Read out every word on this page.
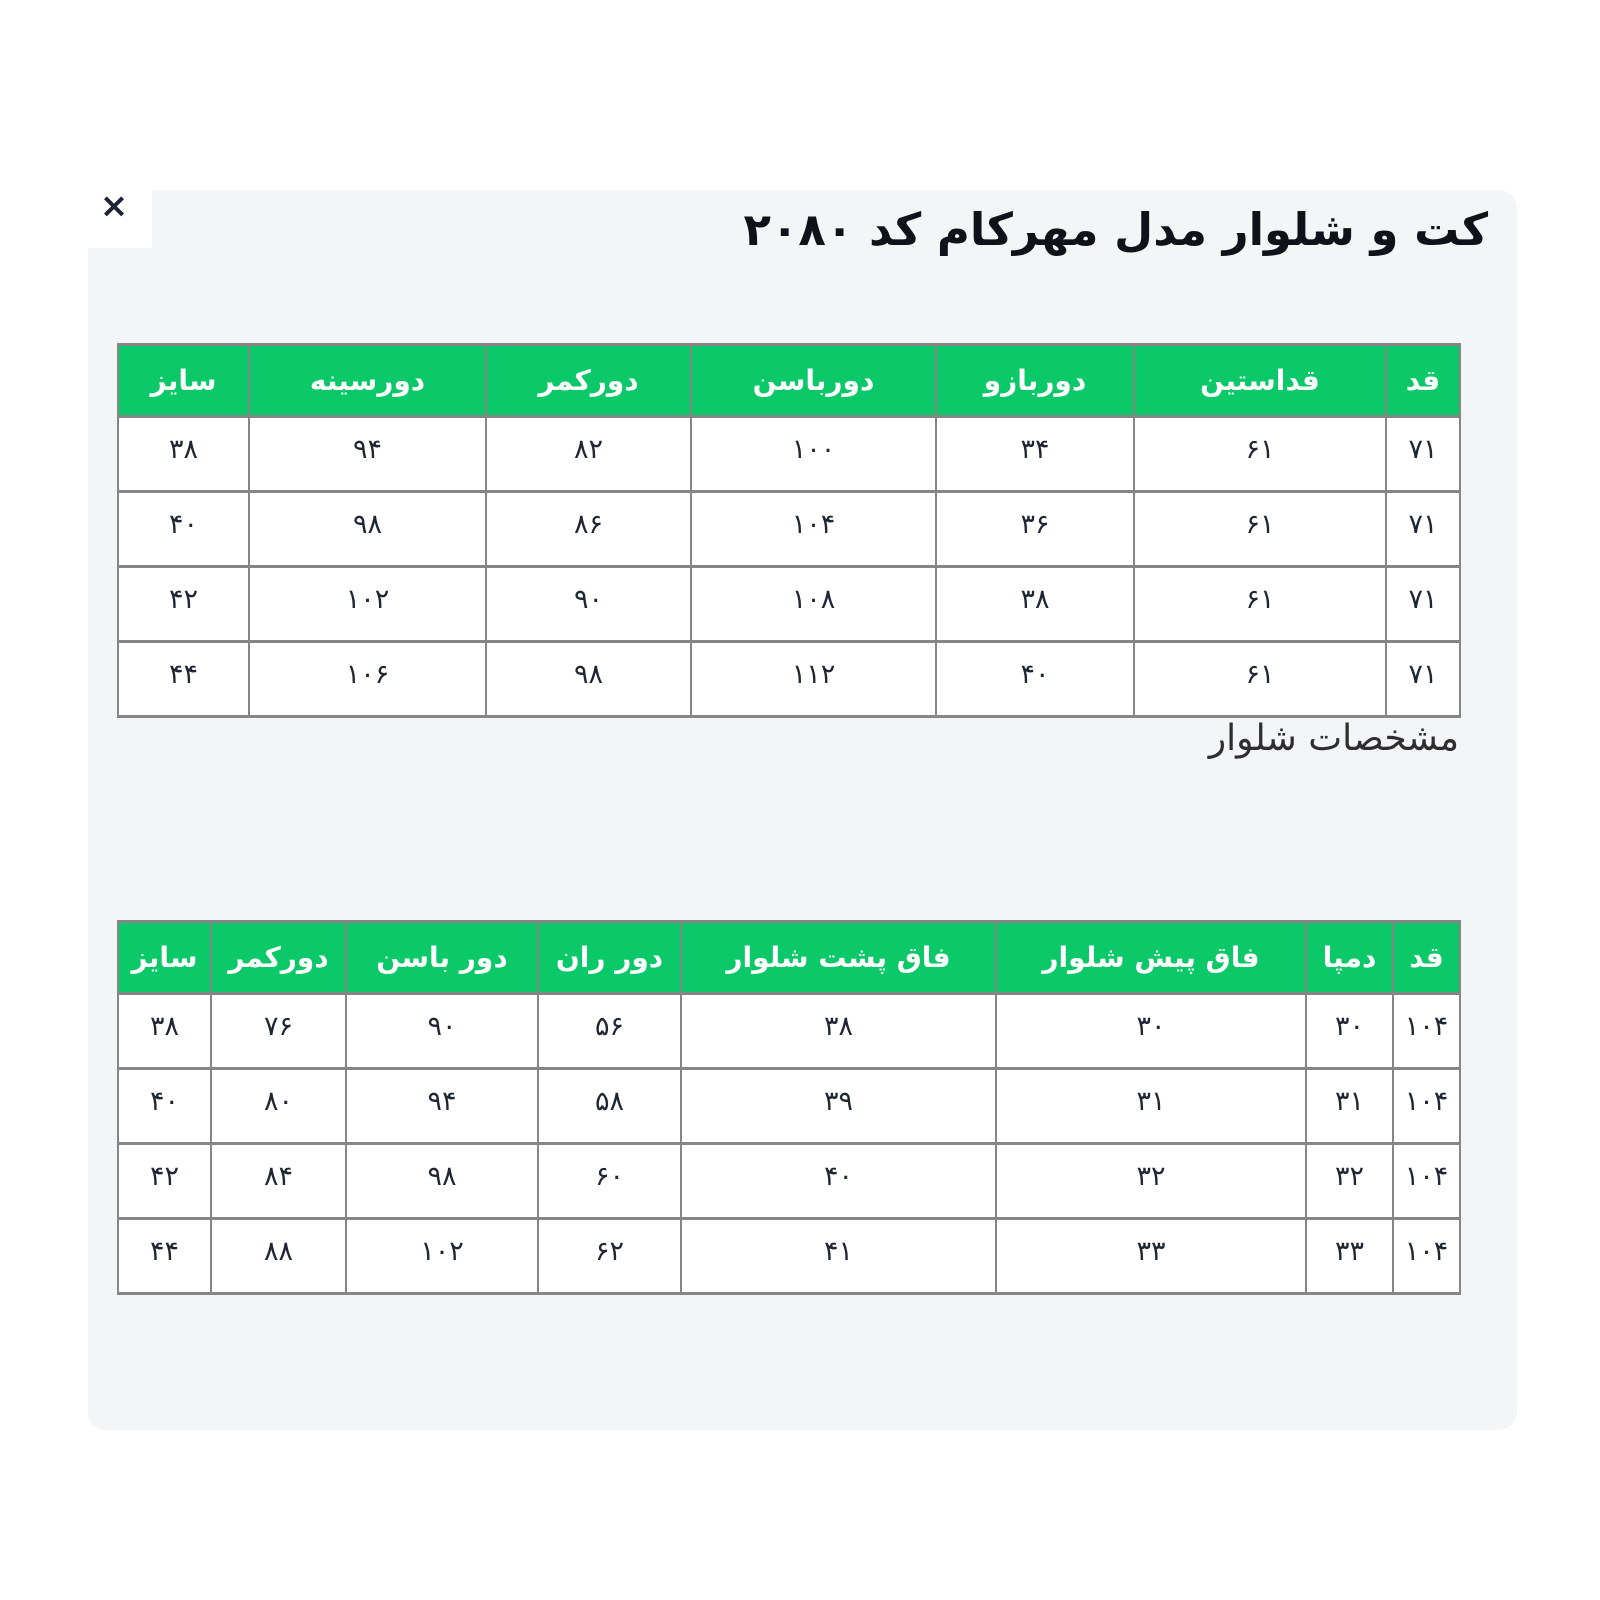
×	کت و شلوار مدل مهرکام کد ۲۰۸۰
قد	قداستین	دوربازو	دورباسن	دورکمر	دورسینه	سایز
۷۱	۶۱	۳۴	۱۰۰	۸۲	۹۴	۳۸
۷۱	۶۱	۳۶	۱۰۴	۸۶	۹۸	۴۰
۷۱	۶۱	۳۸	۱۰۸	۹۰	۱۰۲	۴۲
۷۱	۶۱	۴۰	۱۱۲	۹۸	۱۰۶	۴۴
مشخصات شلوار
قد	دمپا	فاق پیش شلوار	فاق پشت شلوار	دور ران	دور باسن	دورکمر	سایز
۱۰۴	۳۰	۳۰	۳۸	۵۶	۹۰	۷۶	۳۸
۱۰۴	۳۱	۳۱	۳۹	۵۸	۹۴	۸۰	۴۰
۱۰۴	۳۲	۳۲	۴۰	۶۰	۹۸	۸۴	۴۲
۱۰۴	۳۳	۳۳	۴۱	۶۲	۱۰۲	۸۸	۴۴
